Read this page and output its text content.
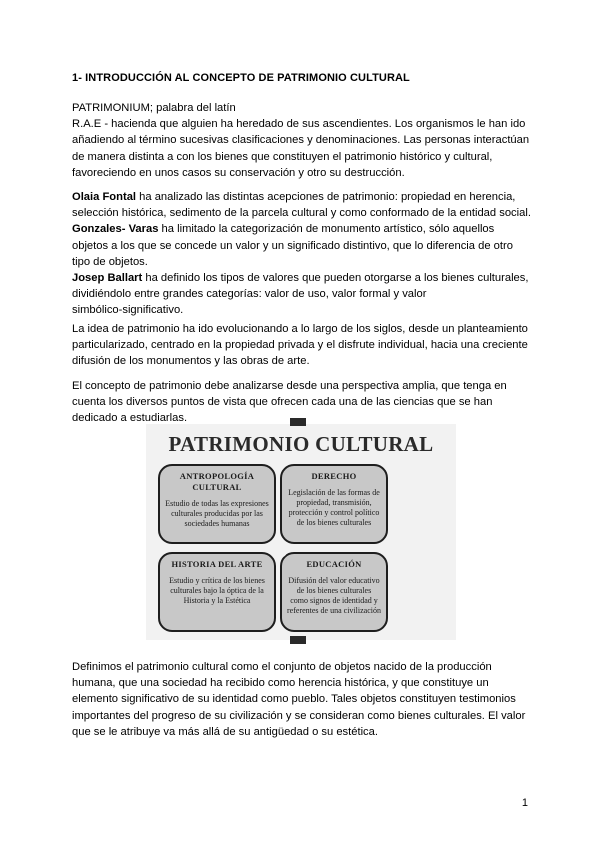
1- INTRODUCCIÓN AL CONCEPTO DE PATRIMONIO CULTURAL
PATRIMONIUM; palabra del latín
R.A.E - hacienda que alguien ha heredado de sus ascendientes. Los organismos le han ido
añadiendo al término sucesivas clasificaciones y denominaciones. Las personas interactúan
de manera distinta a con los bienes que constituyen el patrimonio histórico y cultural,
favoreciendo en unos casos su conservación y otro su destrucción.
Olaia Fontal ha analizado las distintas acepciones de patrimonio: propiedad en herencia,
selección histórica, sedimento de la parcela cultural y como conformado de la entidad social.
Gonzales- Varas ha limitado la categorización de monumento artístico, sólo aquellos
objetos a los que se concede un valor y un significado distintivo, que lo diferencia de otro
tipo de objetos.
Josep Ballart ha definido los tipos de valores que pueden otorgarse a los bienes culturales,
dividiéndolo entre grandes categorías: valor de uso, valor formal y valor
simbólico-significativo.
La idea de patrimonio ha ido evolucionando a lo largo de los siglos, desde un planteamiento
particularizado, centrado en la propiedad privada y el disfrute individual, hacia una creciente
difusión de los monumentos y las obras de arte.
El concepto de patrimonio debe analizarse desde una perspectiva amplia, que tenga en
cuenta los diversos puntos de vista que ofrecen cada una de las ciencias que se han
dedicado a estudiarlas.
PATRIMONIO CULTURAL
ANTROPOLOGÍA CULTURAL
Estudio de todas las expresiones culturales producidas por las sociedades humanas
DERECHO
Legislación de las formas de propiedad, transmisión, protección y control político de los bienes culturales
HISTORIA DEL ARTE
Estudio y crítica de los bienes culturales bajo la óptica de la Historia y la Estética
EDUCACIÓN
Difusión del valor educativo de los bienes culturales como signos de identidad y referentes de una civilización
Definimos el patrimonio cultural como el conjunto de objetos nacido de la producción
humana, que una sociedad ha recibido como herencia histórica, y que constituye un
elemento significativo de su identidad como pueblo. Tales objetos constituyen testimonios
importantes del progreso de su civilización y se consideran como bienes culturales. El valor
que se le atribuye va más allá de su antigüedad o su estética.
1
